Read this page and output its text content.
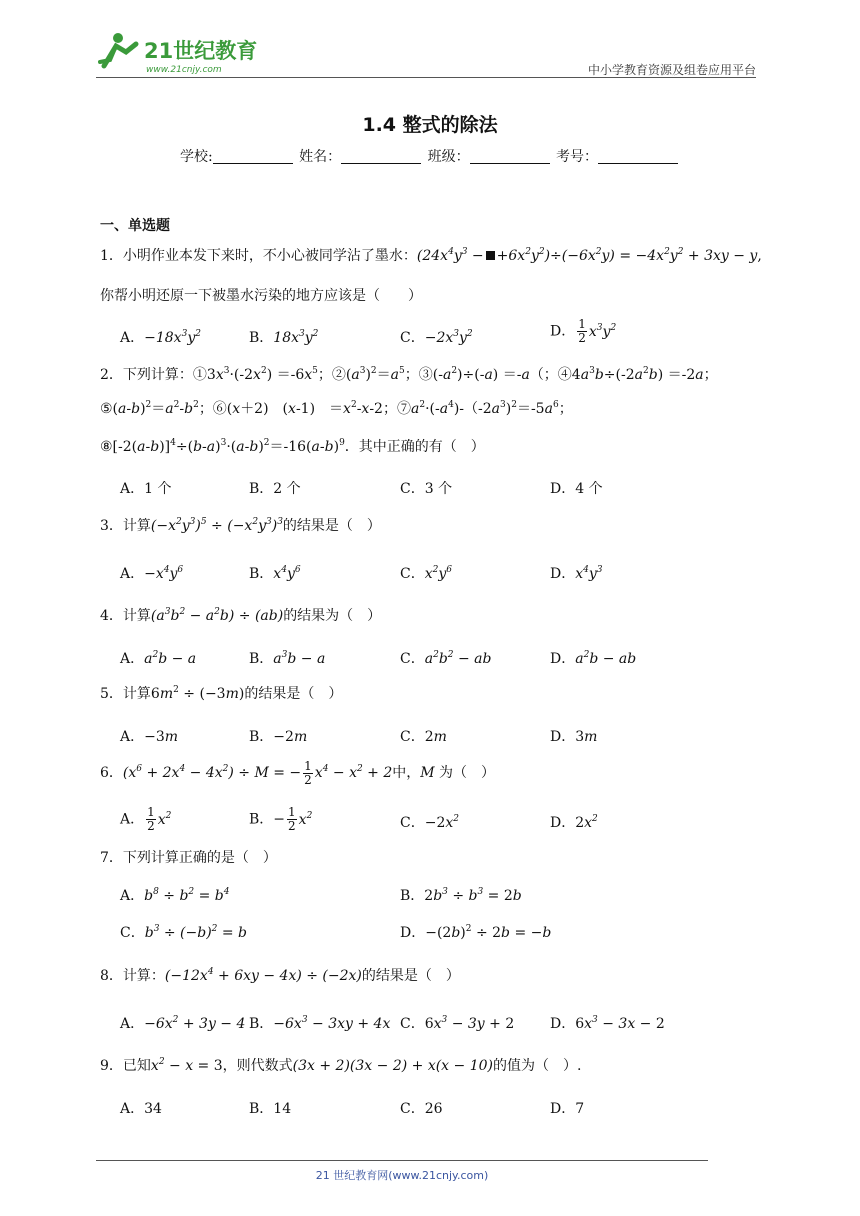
21世纪教育
www.21cnjy.com	中小学教育资源及组卷应用平台
1.4 整式的除法
学校:	姓名：	班级：	考号：
一、单选题
1．小明作业本发下来时，不小心被同学沾了墨水：$(24x^4y^3 - +6x^2y^2)\div(-6x^2y) = -4x^2y^2 + 3xy - y$,
你帮小明还原一下被墨水污染的地方应该是（　　）
A．$-18x^3y^2$	B．$18x^3y^2$	C．$-2x^3y^2$	D． $\frac{1}{2} x^3y^2$
2．下列计算：$①3x^3\cdot(-2x^2) =-6x^5$；$②(a^3)^2=a^5$；$③(-a^2)\div(-a) =-a$（；$④4a^3b\div(-2a^2b) =-2a$；
$⑤(a-b)^2=a^2-b^2$；⑥(x＋2)　(x-1)　$=x^2-x-2$；$⑦a^2\cdot(-a^4)-(-2a^3)^2=-5a^6$；
$⑧[-2(a-b)]^4\div(b-a)^3\cdot(a-b)^2=-16(a-b)^9$．其中正确的有（　）
A．1 个	B．2 个	C．3 个	D．4 个
3．计算$(-x^2y^3)^5 \div (-x^2y^3)^3$的结果是（　）
A．$-x^4y^6$	B．$x^4y^6$	C．$x^2y^6$	D．$x^4y^3$
4．计算$(a^3b^2 - a^2b) \div (ab)$的结果为（　）
A．$a^2b - a$	B．$a^3b - a$	C．$a^2b^2$ − ab	D．$a^2b$ − ab
5．计算$6m^2 \div (-3m)$的结果是（　）
A．−3m	B．−2m	C．2m	D．3m
6．$(x^6 + 2x^4 - 4x^2) \div M$ = − $\frac{1}{2} x^4 - x^2 + 2$中，M 为（　）
A． $\frac{1}{2} x^2$	B．− $\frac{1}{2} x^2$	C．$-2x^2$	D．$2x^2$
7．下列计算正确的是（　）
A．$b^8 \div b^2 = b^4$	B．$2b^3 \div b^3 = 2b$
C．$b^3 \div (-b)^2 = b$	D．$-(2b)^2 \div 2b = -b$
8．计算：$(-12x^4 + 6xy - 4x) \div (-2x)$的结果是（　）
A．$-6x^2 + 3y - 4$ B．$-6x^3 - 3xy + 4x$ C．$6x^3 - 3y + 2$	D．$6x^3 - 3x - 2$
9．已知$x^2 - x = 3$，则代数式(3x + 2)(3x − 2) + x(x − 10)的值为（　）.
A．34	B．14	C．26	D．7
21 世纪教育网(www.21cnjy.com)
